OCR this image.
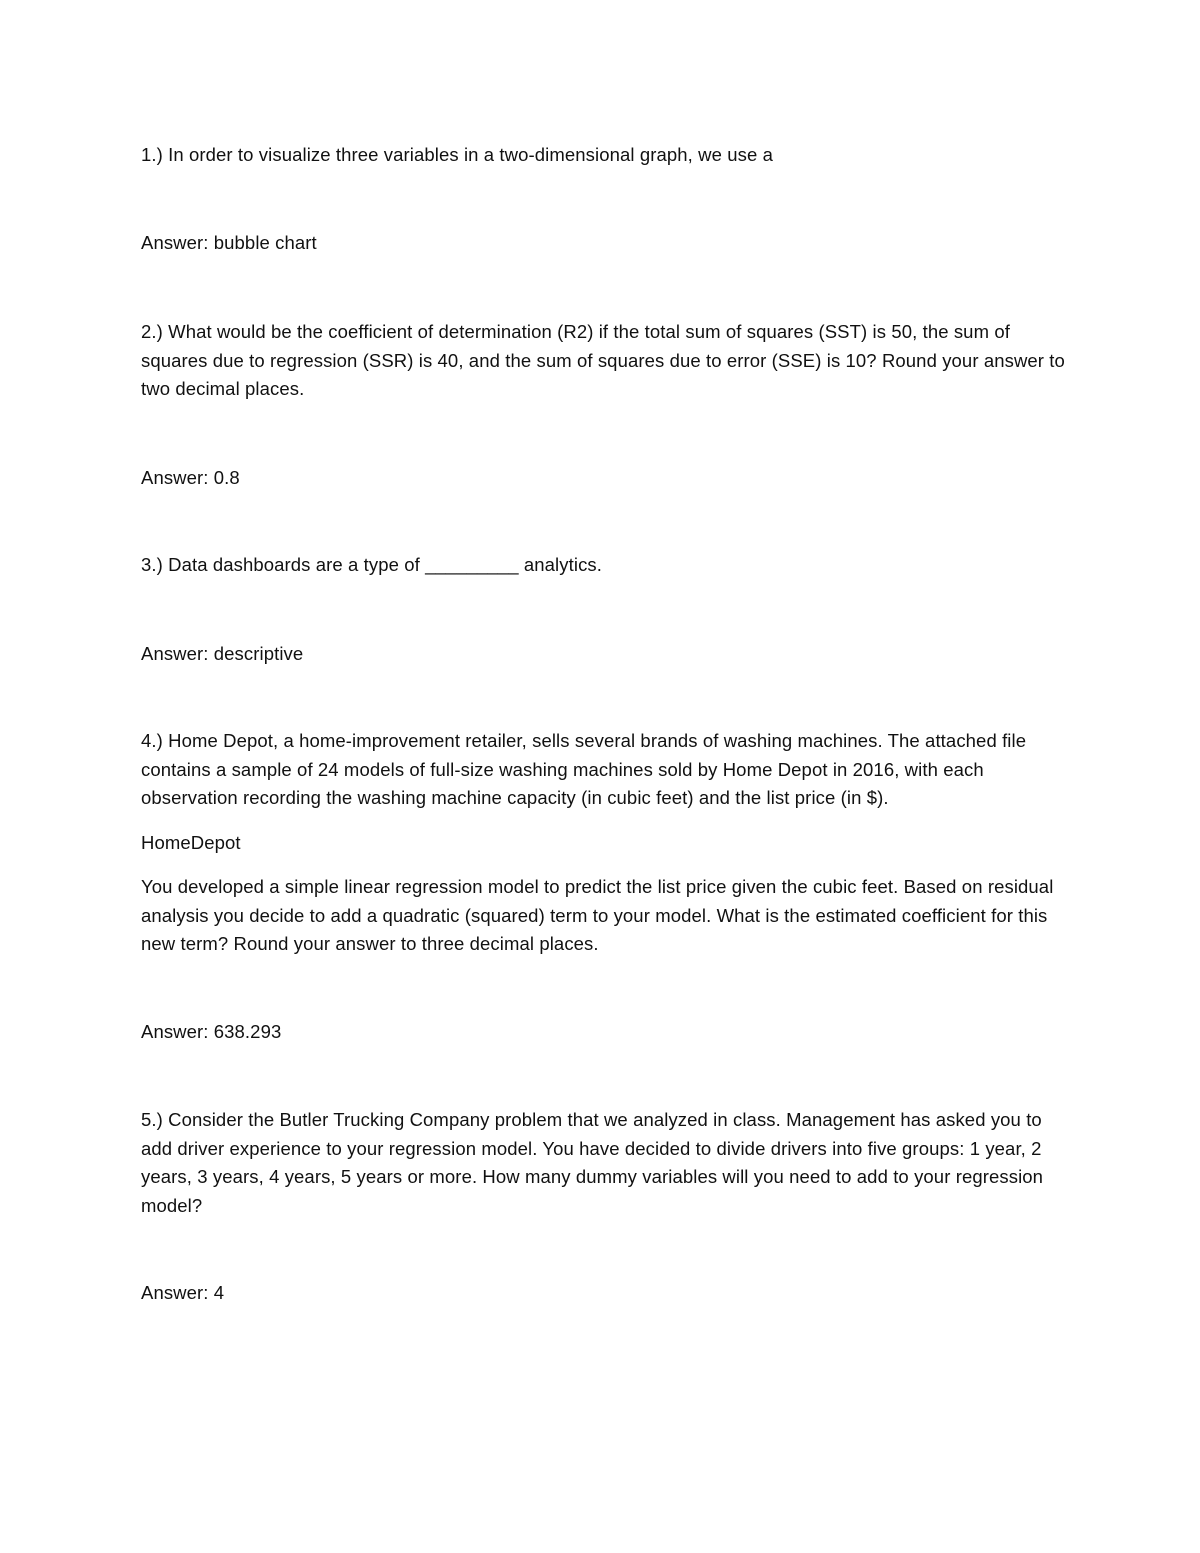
1.) In order to visualize three variables in a two-dimensional graph, we use a

Answer: bubble chart

2.) What would be the coefficient of determination (R2) if the total sum of squares (SST) is 50, the sum of squares due to regression (SSR) is 40, and the sum of squares due to error (SSE) is 10? Round your answer to two decimal places.

Answer: 0.8

3.) Data dashboards are a type of _________ analytics.

Answer: descriptive

4.) Home Depot, a home-improvement retailer, sells several brands of washing machines. The attached file contains a sample of 24 models of full-size washing machines sold by Home Depot in 2016, with each observation recording the washing machine capacity (in cubic feet) and the list price (in $).

HomeDepot

You developed a simple linear regression model to predict the list price given the cubic feet. Based on residual analysis you decide to add a quadratic (squared) term to your model. What is the estimated coefficient for this new term? Round your answer to three decimal places.

Answer: 638.293

5.) Consider the Butler Trucking Company problem that we analyzed in class. Management has asked you to add driver experience to your regression model. You have decided to divide drivers into five groups: 1 year, 2 years, 3 years, 4 years, 5 years or more. How many dummy variables will you need to add to your regression model?

Answer: 4
